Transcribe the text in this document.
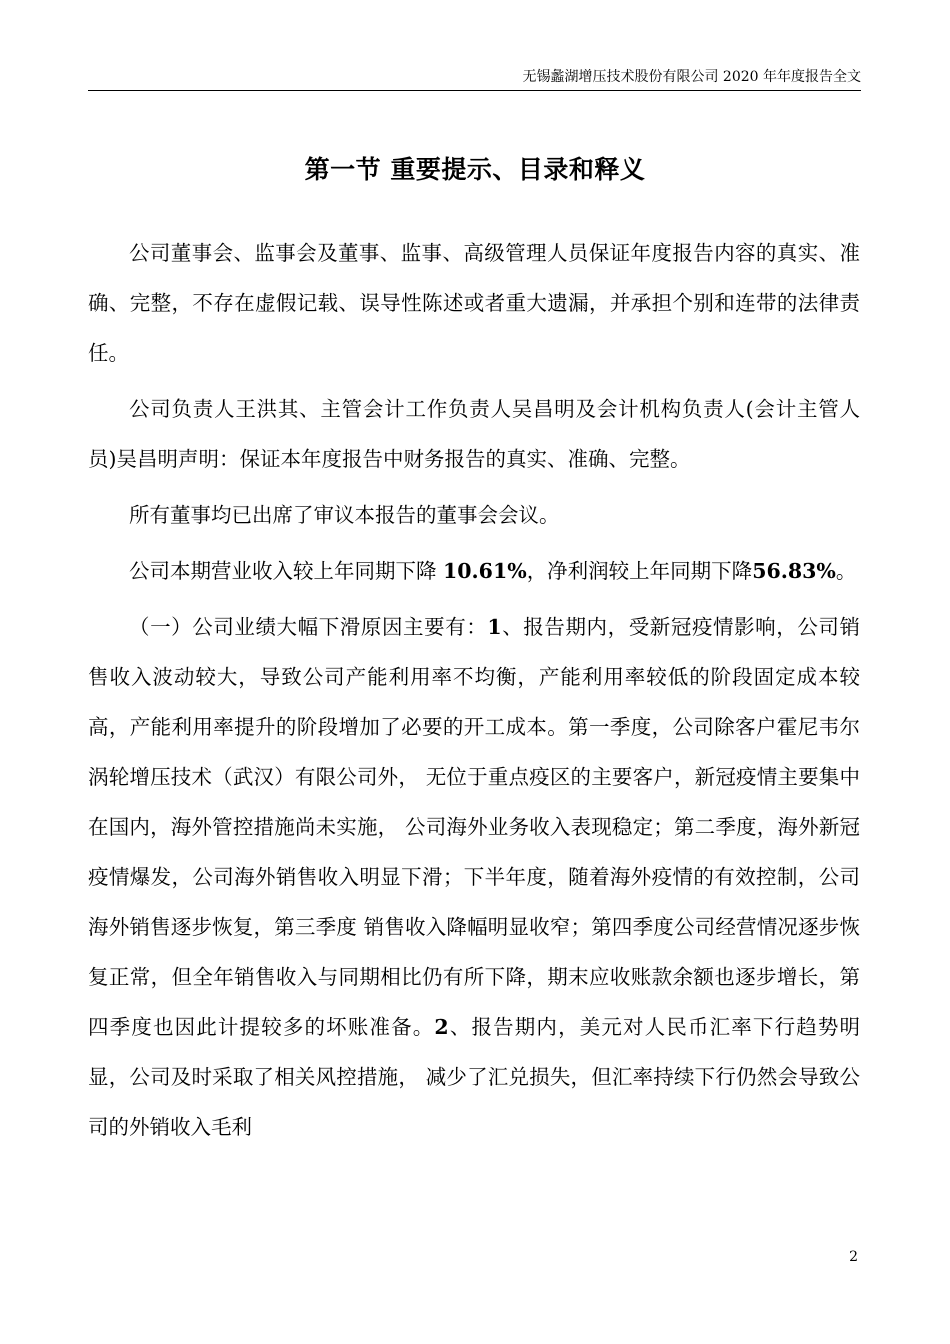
无锡蠡湖增压技术股份有限公司 2020 年年度报告全文
第一节 重要提示、目录和释义

公司董事会、监事会及董事、监事、高级管理人员保证年度报告内容的真实、准确、完整，不存在虚假记载、误导性陈述或者重大遗漏，并承担个别和连带的法律责任。

公司负责人王洪其、主管会计工作负责人吴昌明及会计机构负责人(会计主管人员)吴昌明声明：保证本年度报告中财务报告的真实、准确、完整。

所有董事均已出席了审议本报告的董事会会议。

公司本期营业收入较上年同期下降 10.61%，净利润较上年同期下降56.83%。

（一）公司业绩大幅下滑原因主要有：1、报告期内，受新冠疫情影响，公司销售收入波动较大，导致公司产能利用率不均衡，产能利用率较低的阶段固定成本较高，产能利用率提升的阶段增加了必要的开工成本。第一季度，公司除客户霍尼韦尔涡轮增压技术（武汉）有限公司外， 无位于重点疫区的主要客户，新冠疫情主要集中在国内，海外管控措施尚未实施， 公司海外业务收入表现稳定；第二季度，海外新冠疫情爆发，公司海外销售收入明显下滑；下半年度，随着海外疫情的有效控制，公司海外销售逐步恢复，第三季度 销售收入降幅明显收窄；第四季度公司经营情况逐步恢复正常，但全年销售收入与同期相比仍有所下降，期末应收账款余额也逐步增长，第四季度也因此计提较多的坏账准备。2、报告期内，美元对人民币汇率下行趋势明显，公司及时采取了相关风控措施， 减少了汇兑损失，但汇率持续下行仍然会导致公司的外销收入毛利

2
